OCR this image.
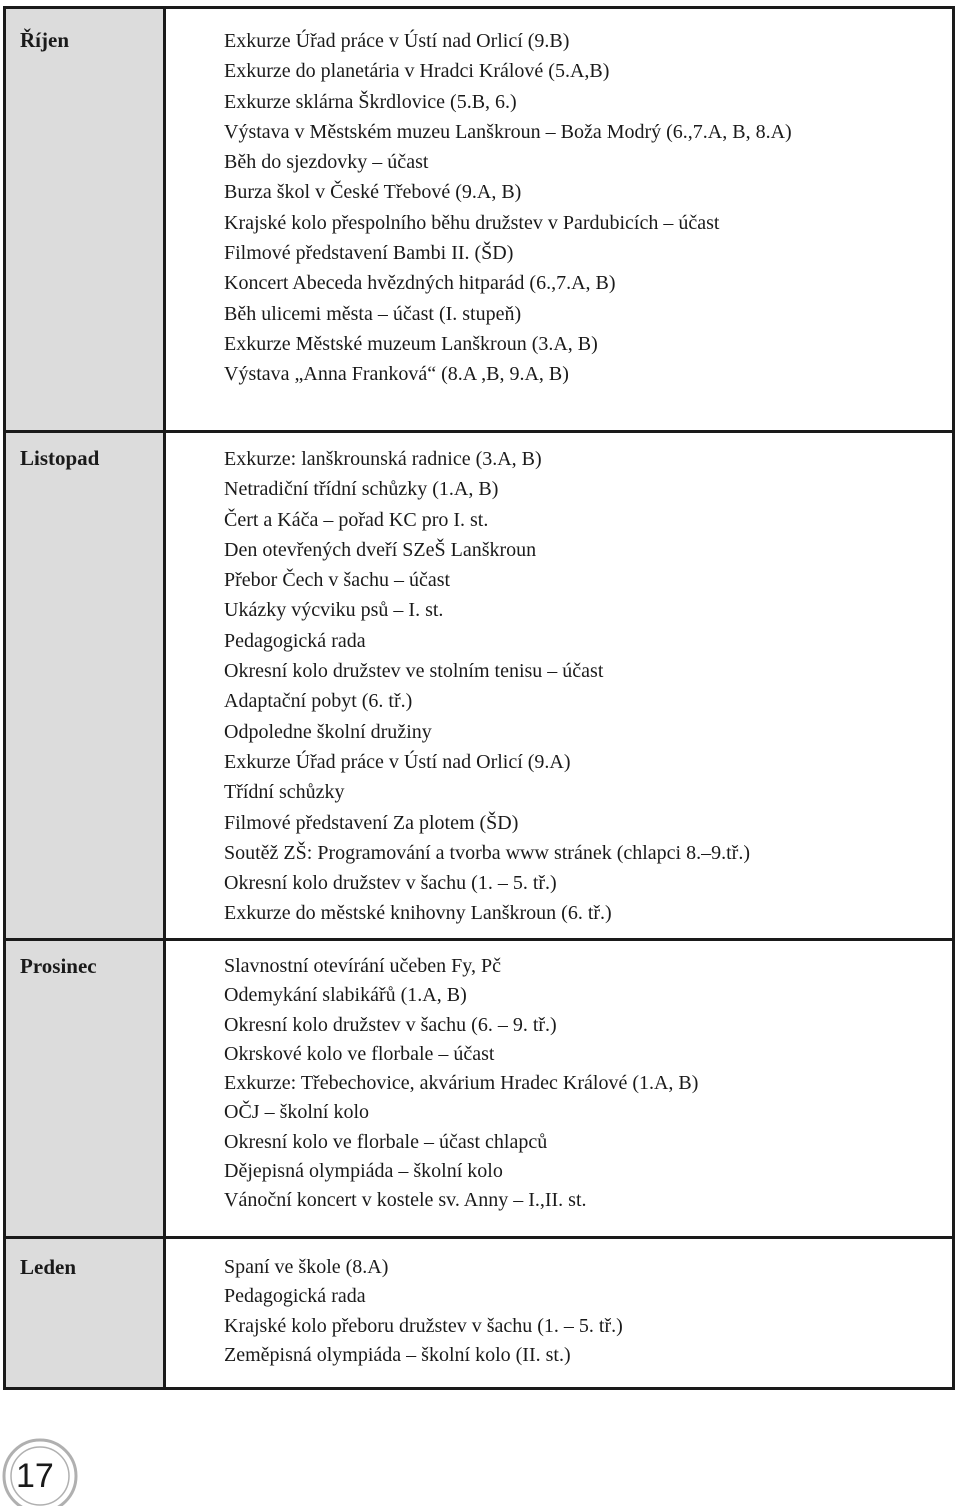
Říjen	Exkurze Úřad práce v Ústí nad Orlicí (9.B)
Exkurze do planetária v Hradci Králové (5.A,B)
Exkurze sklárna Škrdlovice (5.B, 6.)
Výstava v Městském muzeu Lanškroun – Boža Modrý (6.,7.A, B, 8.A)
Běh do sjezdovky – účast
Burza škol v České Třebové (9.A, B)
Krajské kolo přespolního běhu družstev v Pardubicích – účast
Filmové představení Bambi II. (ŠD)
Koncert Abeceda hvězdných hitparád (6.,7.A, B)
Běh ulicemi města – účast (I. stupeň)
Exkurze Městské muzeum Lanškroun (3.A, B)
Výstava „Anna Franková“ (8.A ,B, 9.A, B)
Listopad	Exkurze: lanškrounská radnice (3.A, B)
Netradiční třídní schůzky (1.A, B)
Čert a Káča – pořad KC pro I. st.
Den otevřených dveří SZeŠ Lanškroun
Přebor Čech v šachu – účast
Ukázky výcviku psů – I. st.
Pedagogická rada
Okresní kolo družstev ve stolním tenisu – účast
Adaptační pobyt (6. tř.)
Odpoledne školní družiny
Exkurze Úřad práce v Ústí nad Orlicí (9.A)
Třídní schůzky
Filmové představení Za plotem (ŠD)
Soutěž ZŠ: Programování a tvorba www stránek (chlapci 8.–9.tř.)
Okresní kolo družstev v šachu (1. – 5. tř.)
Exkurze do městské knihovny Lanškroun (6. tř.)
Prosinec	Slavnostní otevírání učeben Fy, Pč
Odemykání slabikářů (1.A, B)
Okresní kolo družstev v šachu (6. – 9. tř.)
Okrskové kolo ve florbale – účast
Exkurze: Třebechovice, akvárium Hradec Králové (1.A, B)
OČJ – školní kolo
Okresní kolo ve florbale – účast chlapců
Dějepisná olympiáda – školní kolo
Vánoční koncert v kostele sv. Anny – I.,II. st.
Leden	Spaní ve škole (8.A)
Pedagogická rada
Krajské kolo přeboru družstev v šachu (1. – 5. tř.)
Zeměpisná olympiáda – školní kolo (II. st.)
17
